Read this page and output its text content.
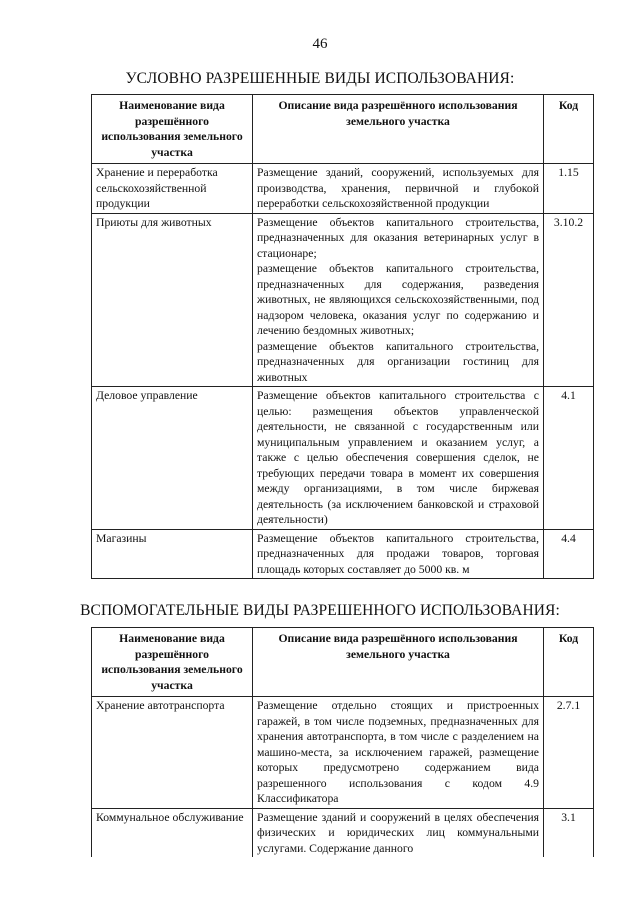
46
УСЛОВНО РАЗРЕШЕННЫЕ ВИДЫ ИСПОЛЬЗОВАНИЯ:
Наименование вида разрешённого использования земельного участка	Описание вида разрешённого использования земельного участка	Код
Хранение и переработка сельскохозяйственной продукции	Размещение зданий, сооружений, используемых для производства, хранения, первичной и глубокой переработки сельскохозяйственной продукции	1.15
Приюты для животных	Размещение объектов капитального строительства, предназначенных для оказания ветеринарных услуг в стационаре;
размещение объектов капитального строительства, предназначенных для содержания, разведения животных, не являющихся сельскохозяйственными, под надзором человека, оказания услуг по содержанию и лечению бездомных животных;
размещение объектов капитального строительства, предназначенных для организации гостиниц для животных	3.10.2
Деловое управление	Размещение объектов капитального строительства с целью: размещения объектов управленческой деятельности, не связанной с государственным или муниципальным управлением и оказанием услуг, а также с целью обеспечения совершения сделок, не требующих передачи товара в момент их совершения между организациями, в том числе биржевая деятельность (за исключением банковской и страховой деятельности)	4.1
Магазины	Размещение объектов капитального строительства, предназначенных для продажи товаров, торговая площадь которых составляет до 5000 кв. м	4.4
ВСПОМОГАТЕЛЬНЫЕ ВИДЫ РАЗРЕШЕННОГО ИСПОЛЬЗОВАНИЯ:
Наименование вида разрешённого использования земельного участка	Описание вида разрешённого использования земельного участка	Код
Хранение автотранспорта	Размещение отдельно стоящих и пристроенных гаражей, в том числе подземных, предназначенных для хранения автотранспорта, в том числе с разделением на машино-места, за исключением гаражей, размещение которых предусмотрено содержанием вида разрешенного использования с кодом 4.9 Классификатора	2.7.1
Коммунальное обслуживание	Размещение зданий и сооружений в целях обеспечения физических и юридических лиц коммунальными услугами. Содержание данного	3.1
